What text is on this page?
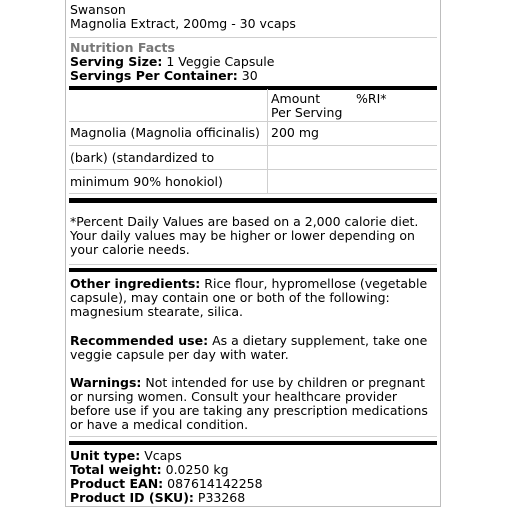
Swanson
Magnolia Extract, 200mg - 30 vcaps
Nutrition Facts
Serving Size: 1 Veggie Capsule
Servings Per Container: 30
Amount
Per Serving
%RI*
Magnolia (Magnolia officinalis) 200 mg
(bark) (standardized to
minimum 90% honokiol)
*Percent Daily Values are based on a 2,000 calorie diet.
Your daily values may be higher or lower depending on
your calorie needs.
Other ingredients: Rice flour, hypromellose (vegetable
capsule), may contain one or both of the following:
magnesium stearate, silica.
Recommended use: As a dietary supplement, take one
veggie capsule per day with water.
Warnings: Not intended for use by children or pregnant
or nursing women. Consult your healthcare provider
before use if you are taking any prescription medications
or have a medical condition.
Unit type: Vcaps
Total weight: 0.0250 kg
Product EAN: 087614142258
Product ID (SKU): P33268
